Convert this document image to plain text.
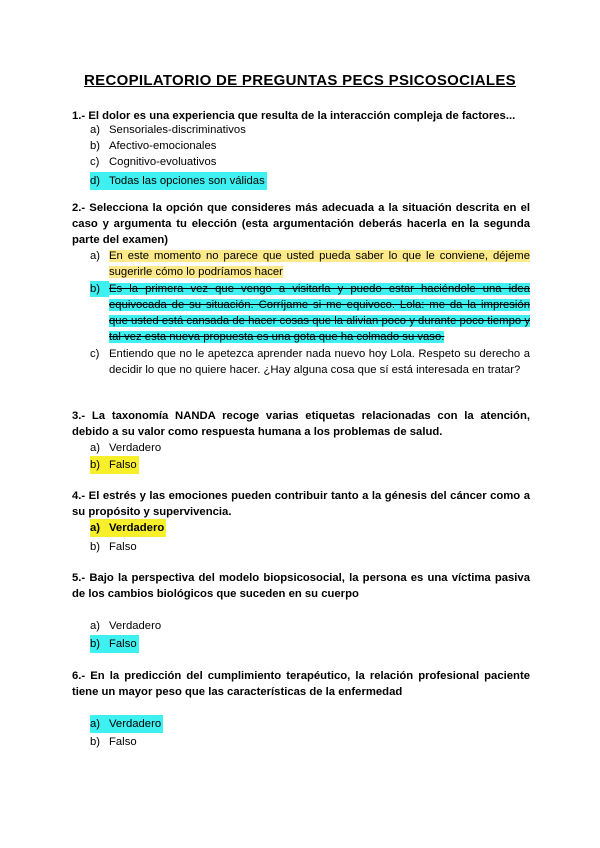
RECOPILATORIO DE PREGUNTAS PECS PSICOSOCIALES
1.- El dolor es una experiencia que resulta de la interacción compleja de factores...
a) Sensoriales-discriminativos
b) Afectivo-emocionales
c) Cognitivo-evoluativos
d) Todas las opciones son válidas
2.- Selecciona la opción que consideres más adecuada a la situación descrita en el caso y argumenta tu elección (esta argumentación deberás hacerla en la segunda parte del examen)
a) En este momento no parece que usted pueda saber lo que le conviene, déjeme sugerirle cómo lo podríamos hacer
b) Es la primera vez que vengo a visitarla y puedo estar haciéndole una idea equivocada de su situación. Corríjame si me equivoco. Lola: me da la impresión que usted está cansada de hacer cosas que la alivian poco y durante poco tiempo y tal vez esta nueva propuesta es una gota que ha colmado su vaso.
c) Entiendo que no le apetezca aprender nada nuevo hoy Lola. Respeto su derecho a decidir lo que no quiere hacer. ¿Hay alguna cosa que sí está interesada en tratar?
3.- La taxonomía NANDA recoge varias etiquetas relacionadas con la atención, debido a su valor como respuesta humana a los problemas de salud.
a) Verdadero
b) Falso
4.- El estrés y las emociones pueden contribuir tanto a la génesis del cáncer como a su propósito y supervivencia.
a) Verdadero
b) Falso
5.- Bajo la perspectiva del modelo biopsicosocial, la persona es una víctima pasiva de los cambios biológicos que suceden en su cuerpo
a) Verdadero
b) Falso
6.- En la predicción del cumplimiento terapéutico, la relación profesional paciente tiene un mayor peso que las características de la enfermedad
a) Verdadero
b) Falso
